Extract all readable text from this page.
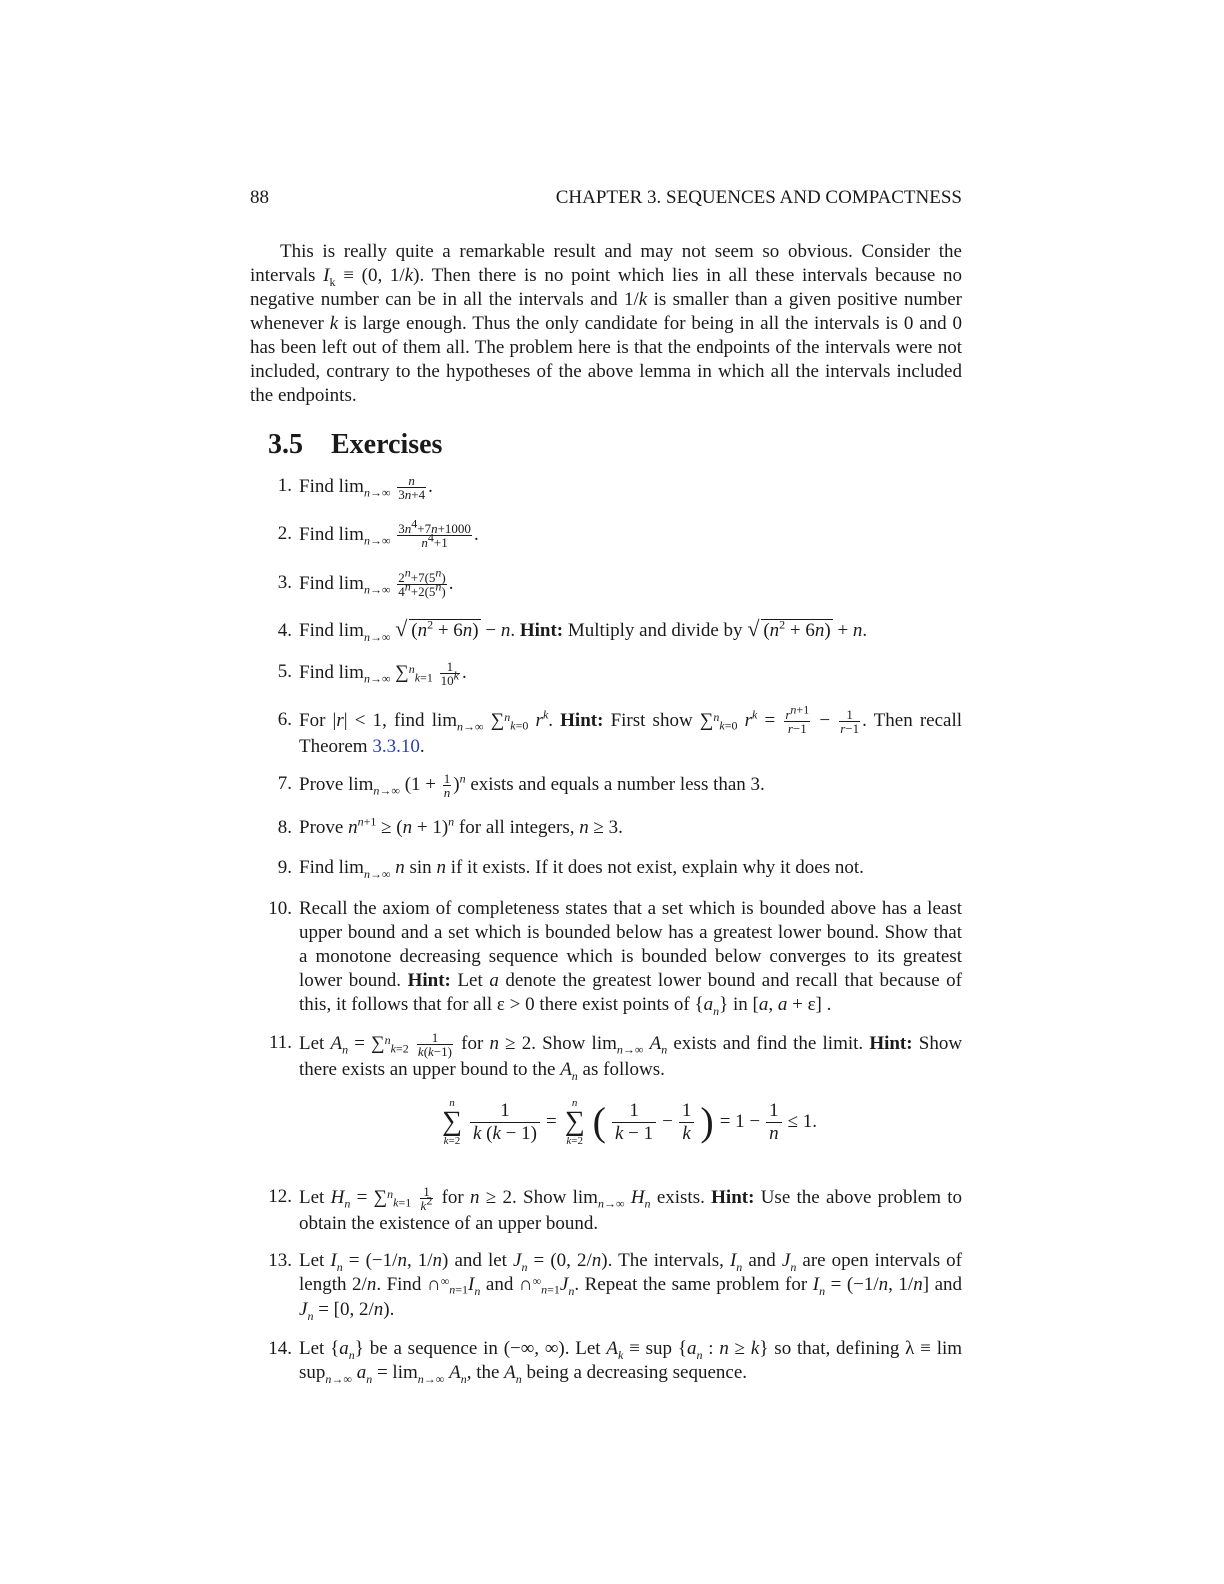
88	CHAPTER 3. SEQUENCES AND COMPACTNESS

This is really quite a remarkable result and may not seem so obvious. Consider the intervals $I_k \equiv (0$, 1/k). Then there is no point which lies in all these intervals because no negative number can be in all the intervals and 1/k is smaller than a given positive number whenever k is large enough. Thus the only candidate for being in all the intervals is 0 and 0 has been left out of them all. The problem here is that the endpoints of the intervals were not included, contrary to the hypotheses of the above lemma in which all the intervals included the endpoints.

3.5 Exercises
1. Find $\lim_{n\to\infty} \frac{n}{3n+4}$ .
2. Find $\lim_{n\to\infty} \frac{3n^4+7n+1000}{n^4+1}$ .
3. Find $\lim_{n\to\infty} \frac{2^n+7(5^n)}{4^n+2(5^n)}$ .
4. Find $\lim_{n\to\infty}$ √ $(n^2 + 6n) - n$. Hint: Multiply and divide by √ $(n^2 + 6n) + n$.
5. Find $\lim_{n\to\infty} \sum^n_{k=1} \frac{1}{10^k}$ .
6. For |r| < 1, find $\lim_{n\to\infty} \sum^n_{k=0}$ $r^k$. Hint: First show ∑$^n_{k=0}$ $r^k = \frac{r^{n+1}}{r-1} - \frac{1}{r-1}$ . Then recall Theorem 3.3.10.
7. Prove $\lim_{n\to\infty} (1 + \frac{1}{n} )^n$ exists and equals a number less than 3.
8. Prove $n^{n+1} \ge (n + 1)^n$ for all integers, n ≥ 3.
9. Find $\lim_{n\to\infty} n$ sin n if it exists. If it does not exist, explain why it does not.
10. Recall the axiom of completeness states that a set which is bounded above has a least upper bound and a set which is bounded below has a greatest lower bound. Show that a monotone decreasing sequence which is bounded below converges to its greatest lower bound. Hint: Let a denote the greatest lower bound and recall that because of this, it follows that for all ε > 0 there exist points of $\{a_n\}$ in [a, a + ε] .
11. Let $A_n = \sum^n_{k=2} \frac{1}{k(k-1)}$ for n ≥ 2. Show $\lim_{n\to\infty} A_n$ exists and find the limit. Hint: Show there exists an upper bound to the $A_n$ as follows.
n
∑
$k=2 \frac{1}{k (k - 1)}$ =
n
∑
k=2 (	1
k − 1
− $\frac{1}{k}$ ) = $1 - \frac{1}{n} \le 1$.
12. Let $H_n = \sum^n_{k=1} \frac{1}{k^2}$ for n ≥ 2. Show $\lim_{n\to\infty} H_n$ exists. Hint: Use the above problem to obtain the existence of an upper bound.
13. Let $I_n = (-1/n$, 1/n) and let $J_n = (0$, 2/n). The intervals, $I_n$ and $J_n$ are open intervals of length 2/n. Find $\cap^\infty_{n=1}I_n$ and $\cap^\infty_{n=1}J_n$. Repeat the same problem for $I_n = (-1/n$, 1/n] and $J_n = [0$, 2/n).
14. Let $\{a_n\}$ be a sequence in (−∞, ∞). Let $A_k$ ≡ sup {$a_n$ : n ≥ k} so that, defining λ ≡ lim sup$_{n\to\infty}$ $a_n = \lim_{n\to\infty} A_n$, the $A_n$ being a decreasing sequence.
